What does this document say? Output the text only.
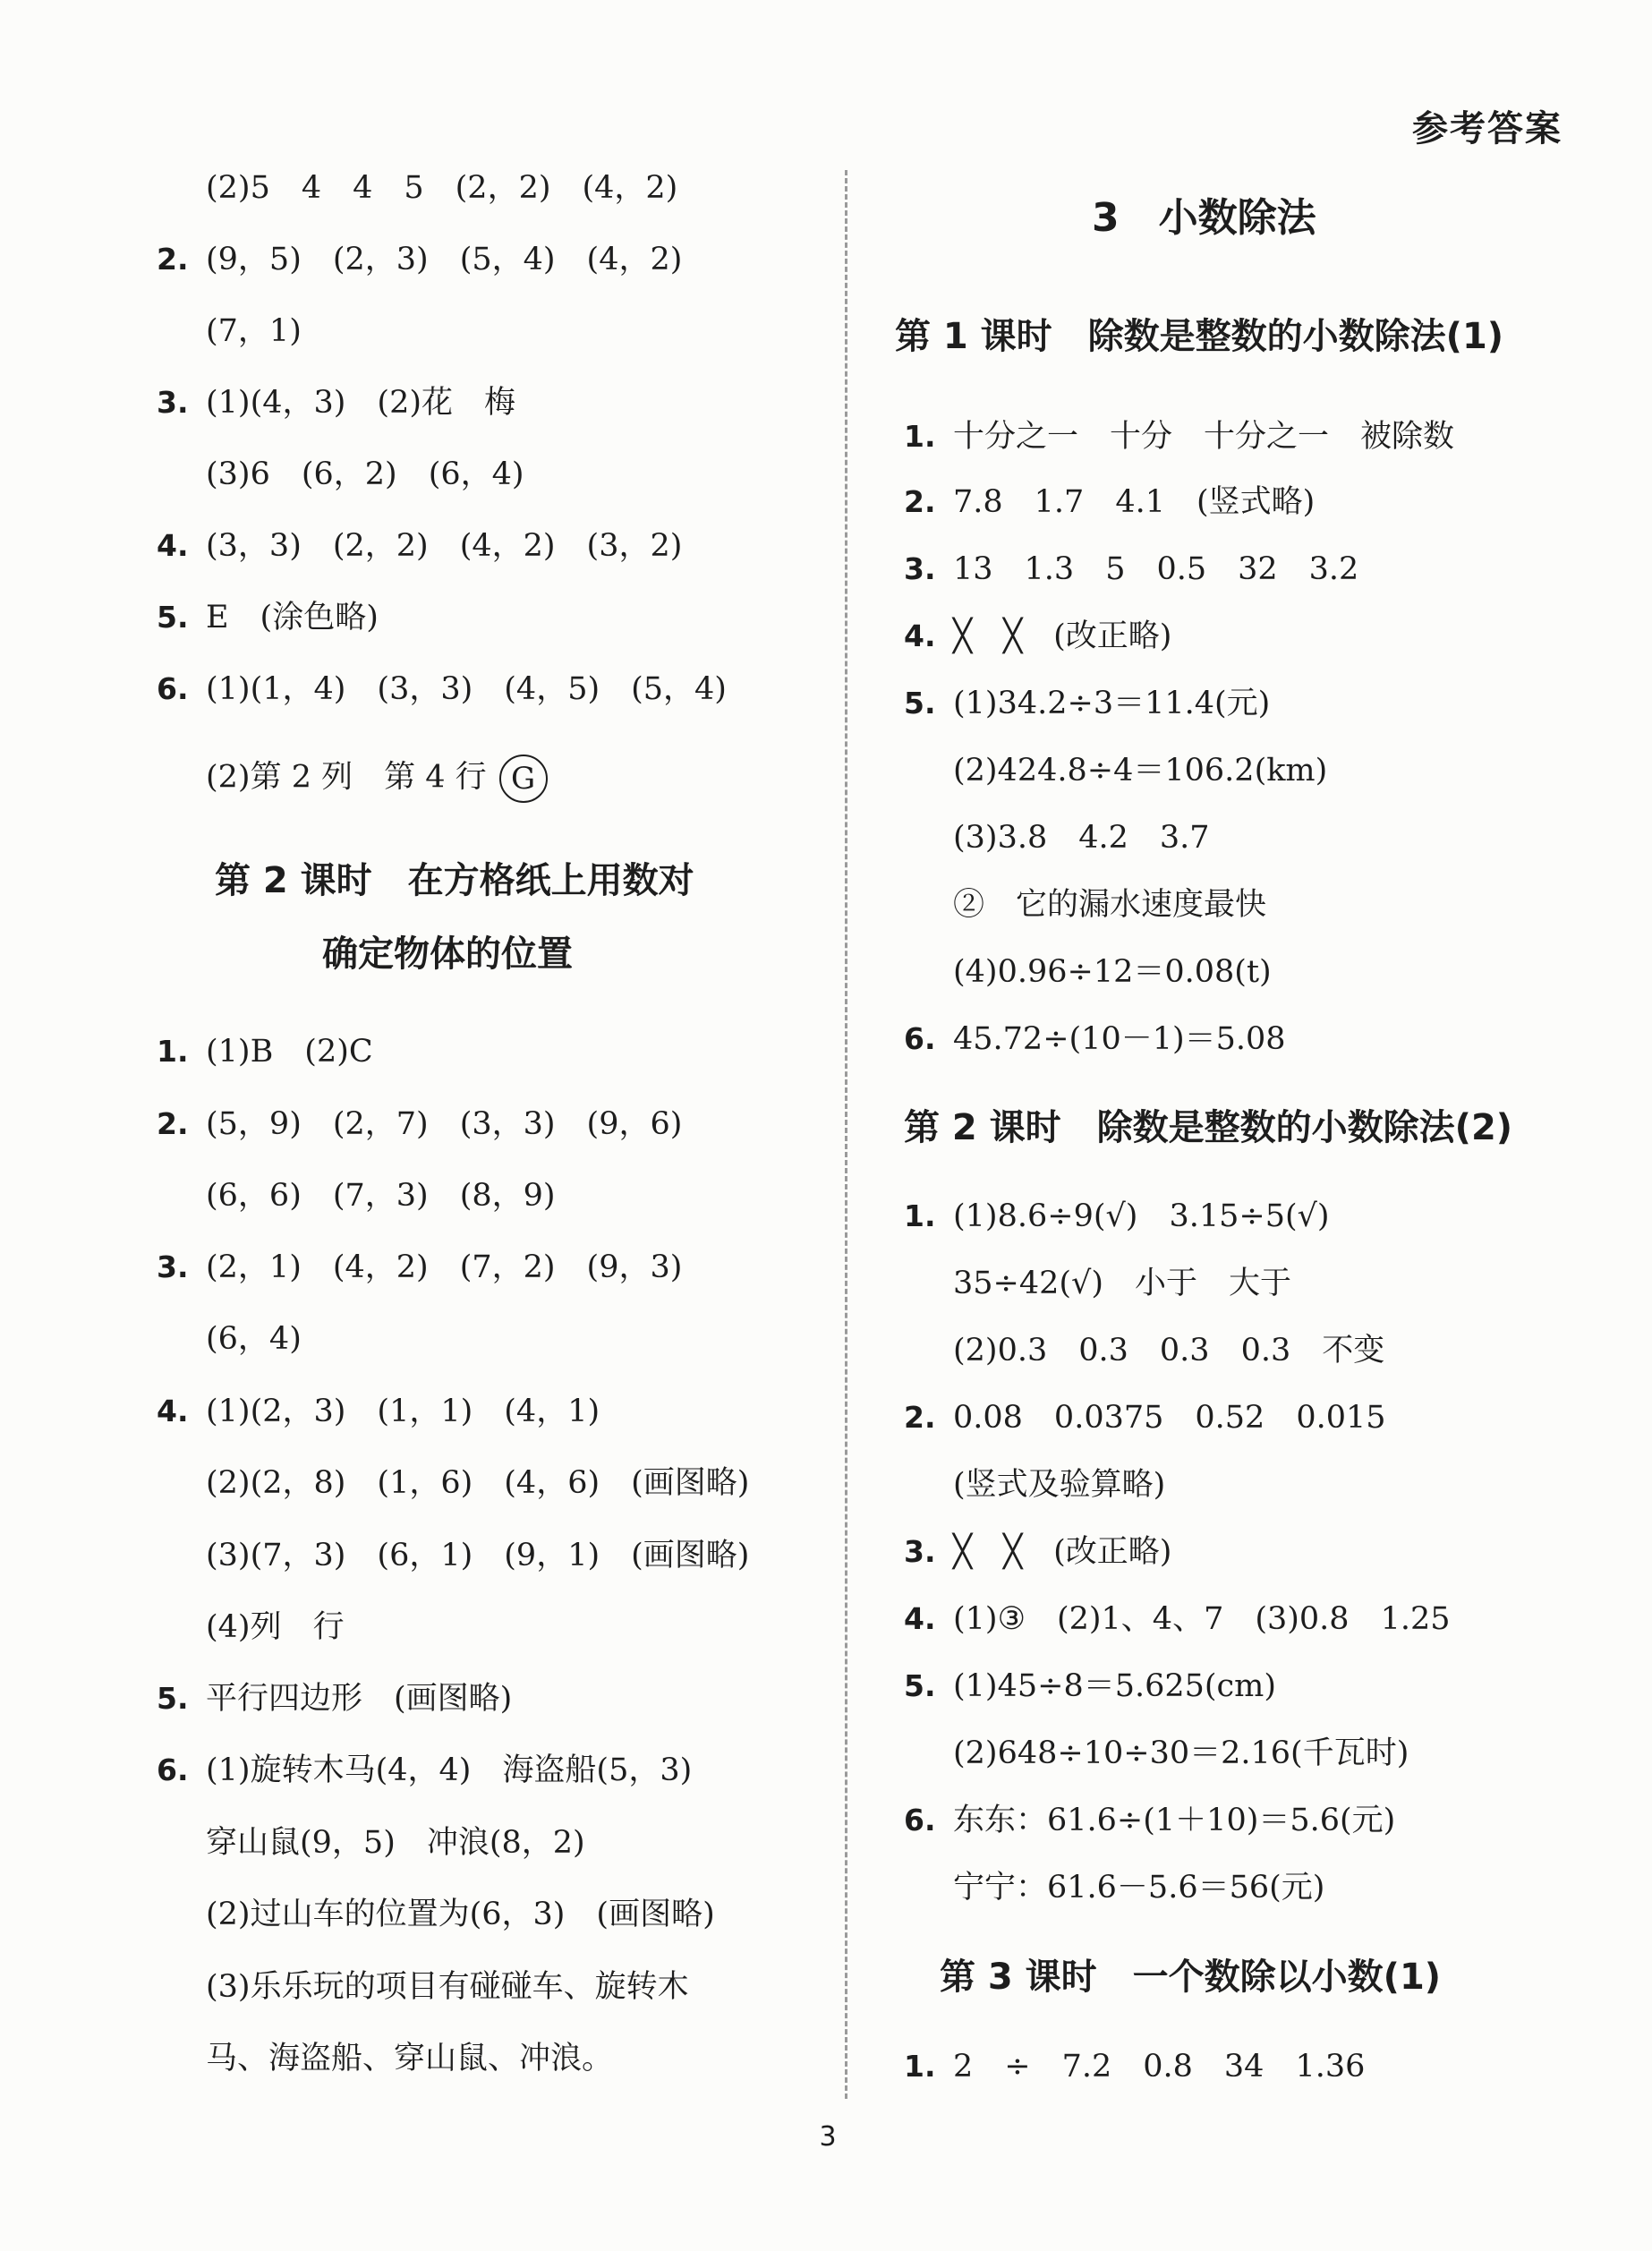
参考答案
(2)5　4　4　5　(2，2)　(4，2)
2. (9，5)　(2，3)　(5，4)　(4，2)
(7，1)
3. (1)(4，3)　(2)花　梅
(3)6　(6，2)　(6，4)
4. (3，3)　(2，2)　(4，2)　(3，2)
5. E　(涂色略)
6. (1)(1，4)　(3，3)　(4，5)　(5，4)
(2)第 2 列　第 4 行 G
第 2 课时　在方格纸上用数对
确定物体的位置
1. (1)B　(2)C
2. (5，9)　(2，7)　(3，3)　(9，6)
(6，6)　(7，3)　(8，9)
3. (2，1)　(4，2)　(7，2)　(9，3)
(6，4)
4. (1)(2，3)　(1，1)　(4，1)
(2)(2，8)　(1，6)　(4，6)　(画图略)
(3)(7，3)　(6，1)　(9，1)　(画图略)
(4)列　行
5. 平行四边形　(画图略)
6. (1)旋转木马(4，4)　海盗船(5，3)
穿山鼠(9，5)　冲浪(8，2)
(2)过山车的位置为(6，3)　(画图略)
(3)乐乐玩的项目有碰碰车、旋转木
马、海盗船、穿山鼠、冲浪。
3　小数除法
第 1 课时　除数是整数的小数除法(1)
1. 十分之一　十分　十分之一　被除数
2. 7.8　1.7　4.1　(竖式略)
3. 13　1.3　5　0.5　32　3.2
4. ╳　╳　(改正略)
5. (1)34.2÷3＝11.4(元)
(2)424.8÷4＝106.2(km)
(3)3.8　4.2　3.7
②　它的漏水速度最快
(4)0.96÷12＝0.08(t)
6. 45.72÷(10－1)＝5.08
第 2 课时　除数是整数的小数除法(2)
1. (1)8.6÷9(√)　3.15÷5(√)
35÷42(√)　小于　大于
(2)0.3　0.3　0.3　0.3　不变
2. 0.08　0.0375　0.52　0.015
(竖式及验算略)
3. ╳　╳　(改正略)
4. (1)③　(2)1、4、7　(3)0.8　1.25
5. (1)45÷8＝5.625(cm)
(2)648÷10÷30＝2.16(千瓦时)
6. 东东：61.6÷(1＋10)＝5.6(元)
宁宁：61.6－5.6＝56(元)
第 3 课时　一个数除以小数(1)
1. 2　÷　7.2　0.8　34　1.36
3
